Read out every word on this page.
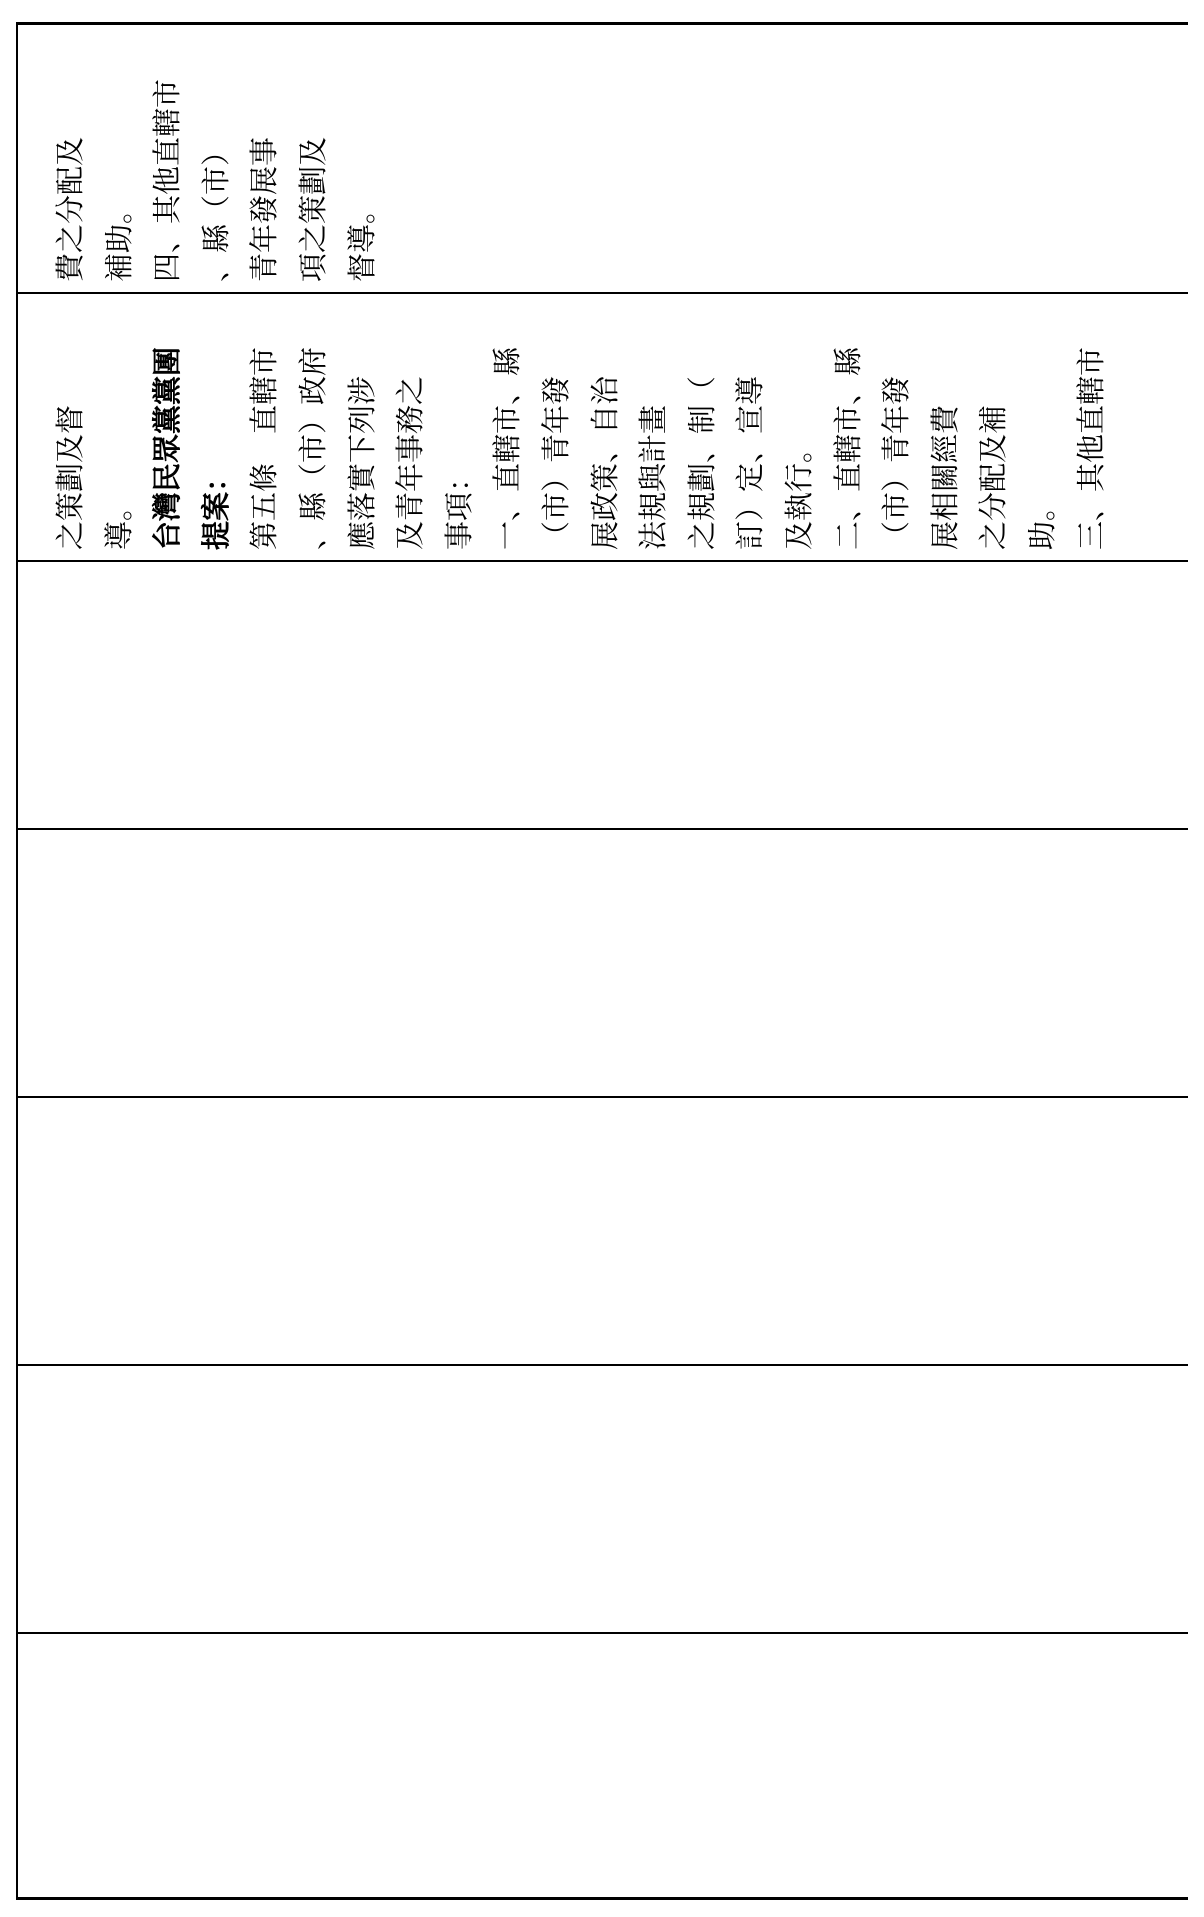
費之分配及 補助。 四、其他直轄市 、縣（市） 青年發展事 項之策劃及 督導。
之策劃及督 導。 台灣民眾黨黨團 提案： 第五條　直轄市 、縣（市）政府 應落實下列涉 及青年事務之 事項： 一、直轄市、縣 （市）青年發 展政策、自治 法規與計畫 之規劃、制（ 訂）定、宣導 及執行。 二、直轄市、縣 （市）青年發 展相關經費 之分配及補 助。 三、其他直轄市
